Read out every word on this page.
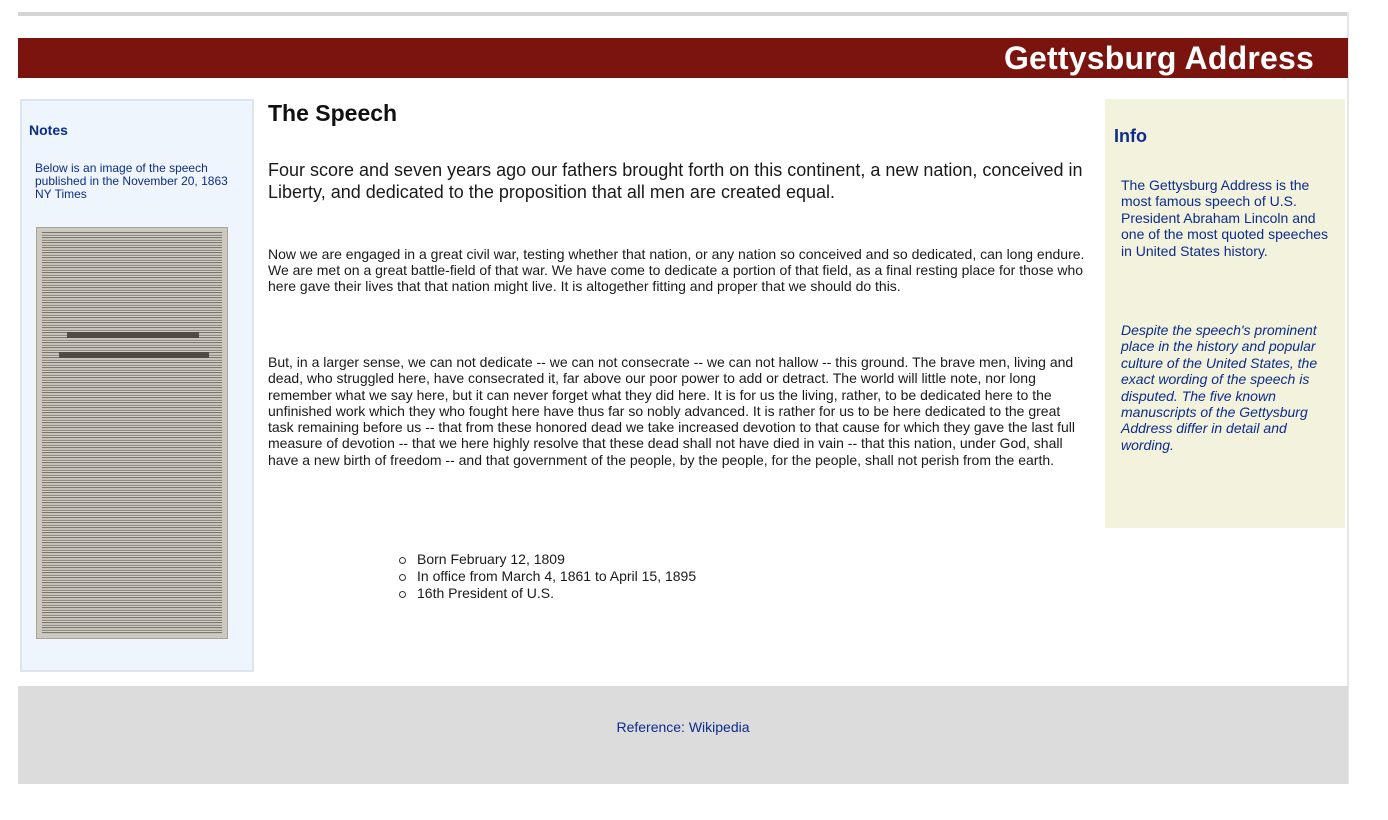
Gettysburg Address
Notes
Below is an image of the speech published in the November 20, 1863 NY Times
The Speech

Four score and seven years ago our fathers brought forth on this continent, a new nation, conceived in Liberty, and dedicated to the proposition that all men are created equal.

Now we are engaged in a great civil war, testing whether that nation, or any nation so conceived and so dedicated, can long endure. We are met on a great battle-field of that war. We have come to dedicate a portion of that field, as a final resting place for those who here gave their lives that that nation might live. It is altogether fitting and proper that we should do this.

But, in a larger sense, we can not dedicate -- we can not consecrate -- we can not hallow -- this ground. The brave men, living and dead, who struggled here, have consecrated it, far above our poor power to add or detract. The world will little note, nor long remember what we say here, but it can never forget what they did here. It is for us the living, rather, to be dedicated here to the unfinished work which they who fought here have thus far so nobly advanced. It is rather for us to be here dedicated to the great task remaining before us -- that from these honored dead we take increased devotion to that cause for which they gave the last full measure of devotion -- that we here highly resolve that these dead shall not have died in vain -- that this nation, under God, shall have a new birth of freedom -- and that government of the people, by the people, for the people, shall not perish from the earth.

Born February 12, 1809
In office from March 4, 1861 to April 15, 1895
16th President of U.S.
Info

The Gettysburg Address is the most famous speech of U.S. President Abraham Lincoln and one of the most quoted speeches in United States history.

Despite the speech's prominent place in the history and popular culture of the United States, the exact wording of the speech is disputed. The five known manuscripts of the Gettysburg Address differ in detail and wording.

Reference: Wikipedia
